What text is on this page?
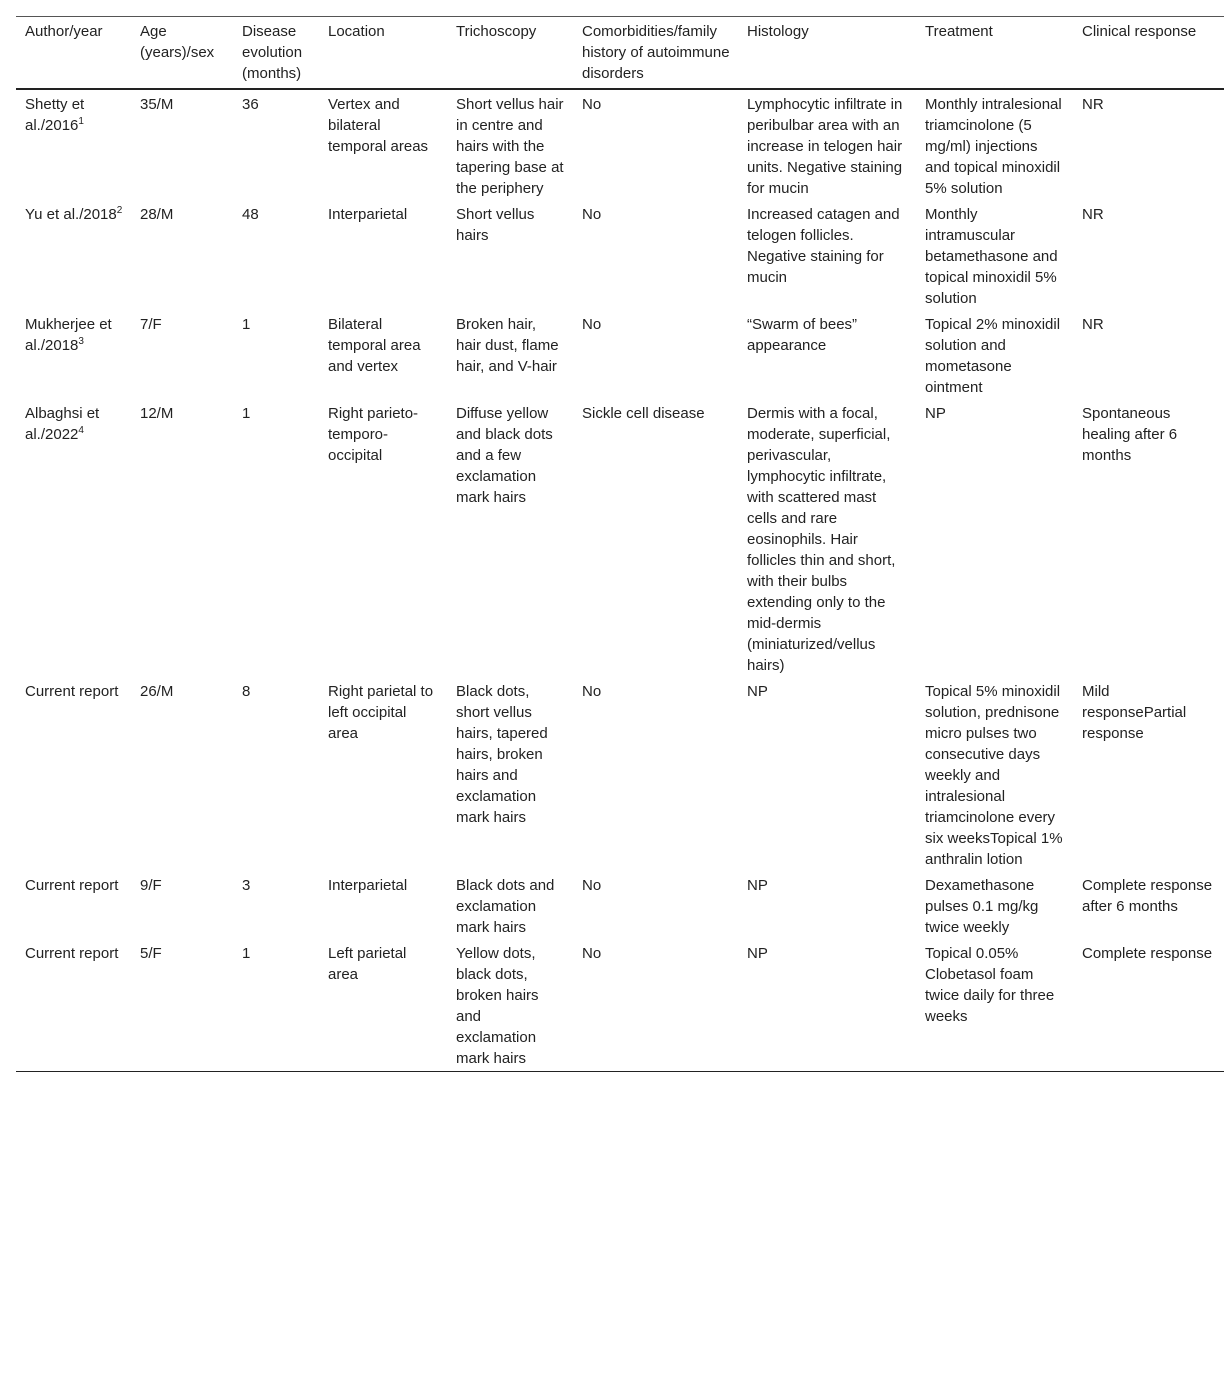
Author/year	Age (years)/sex	Disease evolution (months)	Location	Trichoscopy	Comorbidities/family history of autoimmune disorders	Histology	Treatment	Clinical response
Shetty et al./2016$^1$	35/M	36	Vertex and bilateral temporal areas	Short vellus hair in centre and hairs with the tapering base at the periphery	No	Lymphocytic infiltrate in peribulbar area with an increase in telogen hair units. Negative staining for mucin	Monthly intralesional triamcinolone (5 mg/ml) injections and topical minoxidil 5% solution	NR
Yu et al./2018$^2$	28/M	48	Interparietal	Short vellus hairs	No	Increased catagen and telogen follicles. Negative staining for mucin	Monthly intramuscular betamethasone and topical minoxidil 5% solution	NR
Mukherjee et al./2018$^3$	7/F	1	Bilateral temporal area and vertex	Broken hair, hair dust, flame hair, and V-hair	No	“Swarm of bees” appearance	Topical 2% minoxidil solution and mometasone ointment	NR
Albaghsi et al./2022$^4$	12/M	1	Right parieto-temporo-occipital	Diffuse yellow and black dots and a few exclamation mark hairs	Sickle cell disease	Dermis with a focal, moderate, superficial, perivascular, lymphocytic infiltrate, with scattered mast cells and rare eosinophils. Hair follicles thin and short, with their bulbs extending only to the mid-dermis (miniaturized/vellus hairs)	NP	Spontaneous healing after 6 months
Current report	26/M	8	Right parietal to left occipital area	Black dots, short vellus hairs, tapered hairs, broken hairs and exclamation mark hairs	No	NP	Topical 5% minoxidil solution, prednisone micro pulses two consecutive days weekly and intralesional triamcinolone every six weeksTopical 1% anthralin lotion	Mild responsePartial response
Current report	9/F	3	Interparietal	Black dots and exclamation mark hairs	No	NP	Dexamethasone pulses 0.1 mg/kg twice weekly	Complete response after 6 months
Current report	5/F	1	Left parietal area	Yellow dots, black dots, broken hairs and exclamation mark hairs	No	NP	Topical 0.05% Clobetasol foam twice daily for three weeks	Complete response
